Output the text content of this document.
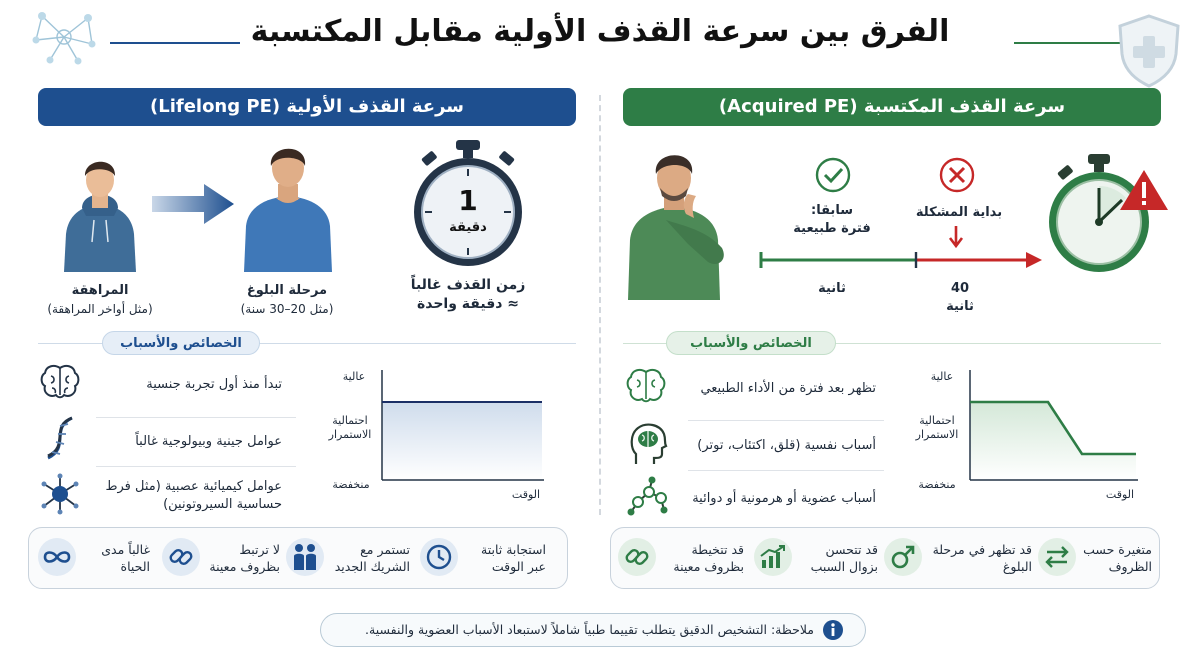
الفرق بين سرعة القذف الأولية مقابل المكتسبة
سرعة القذف الأولية (Lifelong PE)	سرعة القذف المكتسبة (Acquired PE)
المراهقة
(مثل أواخر المراهقة)
مرحلة البلوغ
(مثل 20–30 سنة)
1
دقيقة
زمن القذف غالباً
≈ دقيقة واحدة
الخصائص والأسباب
تبدأ منذ أول تجربة جنسية
عوامل جينية وبيولوجية غالباً
عوامل كيميائية عصبية (مثل فرط حساسية السيروتونين)
عالية
احتمالية الاستمرار
منخفضة
الوقت
استجابة ثابتة عبر الوقت
تستمر مع الشريك الجديد
لا ترتبط بظروف معينة
غالباً مدى الحياة
سابقا:
فترة طبيعية
بداية المشكلة
ثانية	40
ثانية
الخصائص والأسباب
تظهر بعد فترة من الأداء الطبيعي
أسباب نفسية (قلق، اكتئاب، توتر)
أسباب عضوية أو هرمونية أو دوائية
عالية
احتمالية الاستمرار
منخفضة
الوقت
متغيرة حسب الظروف
قد تظهر في مرحلة البلوغ
قد تتحسن بزوال السبب
قد تتخيطة بظروف معينة
ملاحظة: التشخيص الدقيق يتطلب تقييما طبياً شاملاً لاستبعاد الأسباب العضوية والنفسية.
